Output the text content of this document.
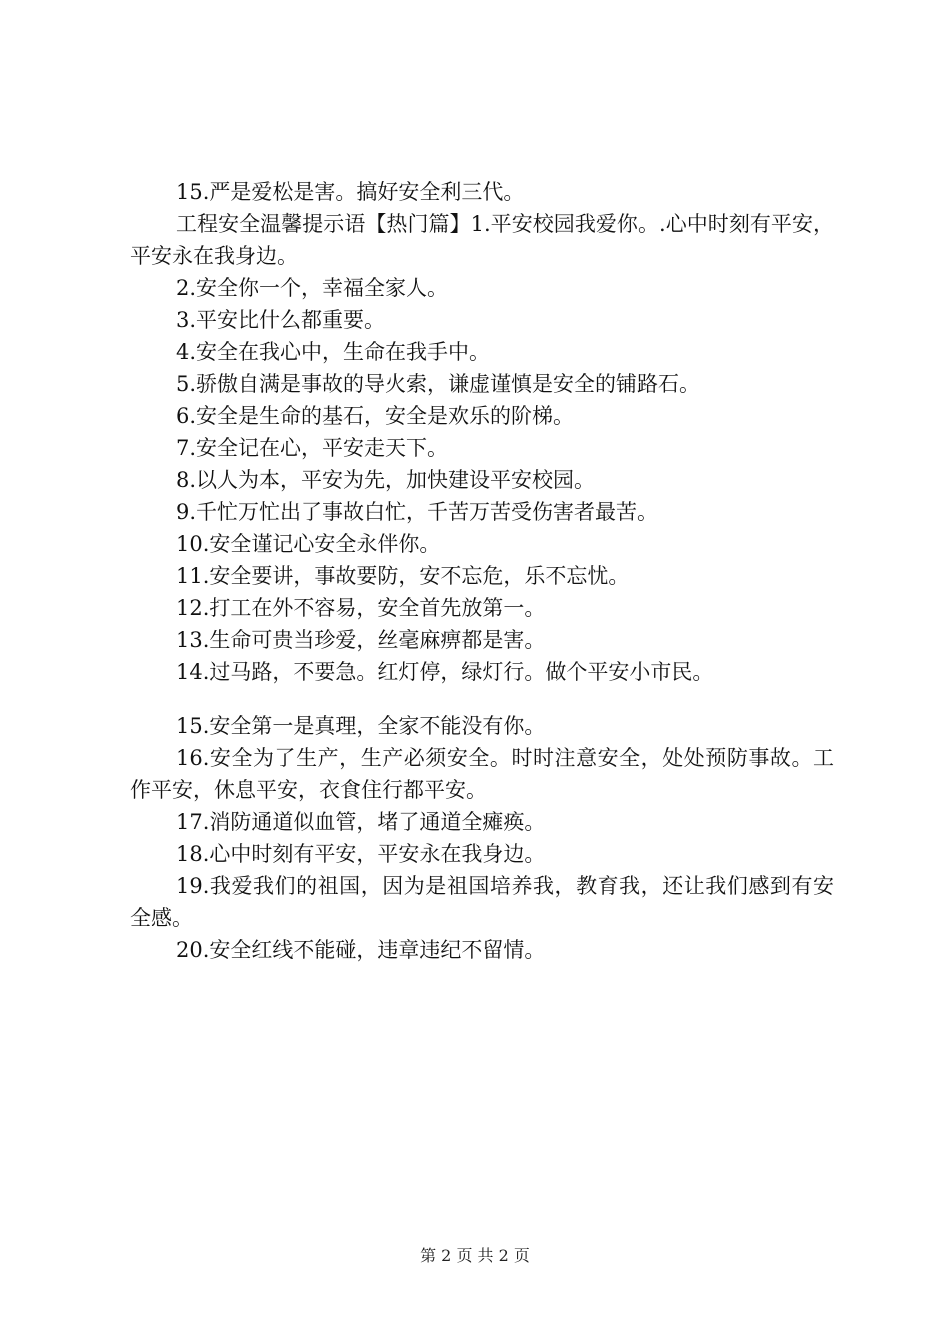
15.严是爱松是害。搞好安全利三代。

工程安全温馨提示语【热门篇】1.平安校园我爱你。.心中时刻有平安，平安永在我身边。

2.安全你一个，幸福全家人。

3.平安比什么都重要。

4.安全在我心中，生命在我手中。

5.骄傲自满是事故的导火索，谦虚谨慎是安全的铺路石。

6.安全是生命的基石，安全是欢乐的阶梯。

7.安全记在心，平安走天下。

8.以人为本，平安为先，加快建设平安校园。

9.千忙万忙出了事故白忙，千苦万苦受伤害者最苦。

10.安全谨记心安全永伴你。

11.安全要讲，事故要防，安不忘危，乐不忘忧。

12.打工在外不容易，安全首先放第一。

13.生命可贵当珍爱，丝毫麻痹都是害。

14.过马路，不要急。红灯停，绿灯行。做个平安小市民。

15.安全第一是真理，全家不能没有你。

16.安全为了生产，生产必须安全。时时注意安全，处处预防事故。工作平安，休息平安，衣食住行都平安。

17.消防通道似血管，堵了通道全瘫痪。

18.心中时刻有平安，平安永在我身边。

19.我爱我们的祖国，因为是祖国培养我，教育我，还让我们感到有安全感。

20.安全红线不能碰，违章违纪不留情。

第 2 页 共 2 页
